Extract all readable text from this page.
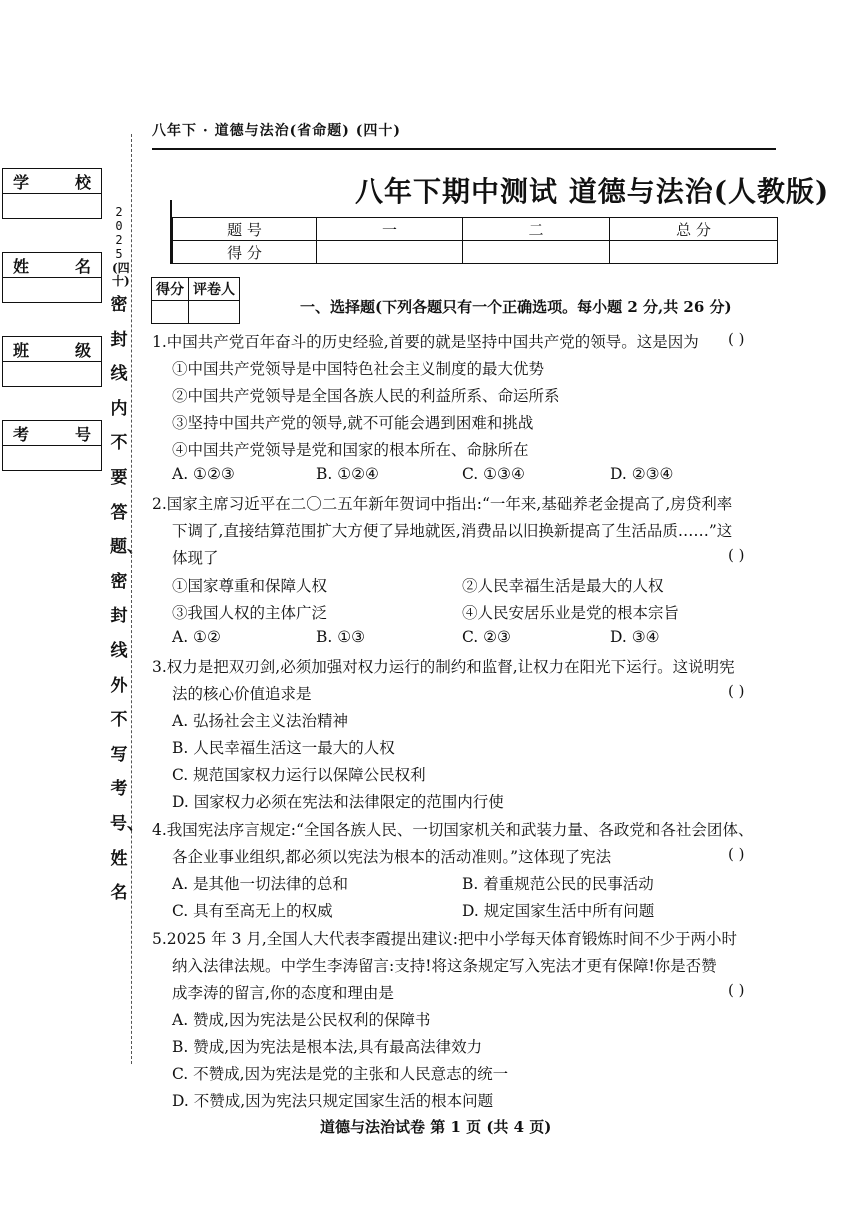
八年下 · 道德与法治(省命题) (四十)
学	校
姓	名
班	级
考	号
2025
(四十)
密封线内不要答题、密封线外不写考号、姓名
八年下期中测试 道德与法治(人教版)
题 号	一	二	总 分
得 分			
得分	评卷人

一、选择题(下列各题只有一个正确选项。每小题 2 分,共 26 分)
1.中国共产党百年奋斗的历史经验,首要的就是坚持中国共产党的领导。这是因为 ( )
①中国共产党领导是中国特色社会主义制度的最大优势
②中国共产党领导是全国各族人民的利益所系、命运所系
③坚持中国共产党的领导,就不可能会遇到困难和挑战
④中国共产党领导是党和国家的根本所在、命脉所在
A. ①②③	B. ①②④	C. ①③④	D. ②③④
2.国家主席习近平在二〇二五年新年贺词中指出:“一年来,基础养老金提高了,房贷利率
下调了,直接结算范围扩大方便了异地就医,消费品以旧换新提高了生活品质……”这
体现了	( )
①国家尊重和保障人权	②人民幸福生活是最大的人权
③我国人权的主体广泛	④人民安居乐业是党的根本宗旨
A. ①②	B. ①③	C. ②③	D. ③④
3.权力是把双刃剑,必须加强对权力运行的制约和监督,让权力在阳光下运行。这说明宪
法的核心价值追求是	( )
A. 弘扬社会主义法治精神
B. 人民幸福生活这一最大的人权
C. 规范国家权力运行以保障公民权利
D. 国家权力必须在宪法和法律限定的范围内行使
4.我国宪法序言规定:“全国各族人民、一切国家机关和武装力量、各政党和各社会团体、
各企业事业组织,都必须以宪法为根本的活动准则。”这体现了宪法	( )
A. 是其他一切法律的总和	B. 着重规范公民的民事活动
C. 具有至高无上的权威	D. 规定国家生活中所有问题
5.2025 年 3 月,全国人大代表李霞提出建议:把中小学每天体育锻炼时间不少于两小时
纳入法律法规。中学生李涛留言:支持!将这条规定写入宪法才更有保障!你是否赞
成李涛的留言,你的态度和理由是	( )
A. 赞成,因为宪法是公民权利的保障书
B. 赞成,因为宪法是根本法,具有最高法律效力
C. 不赞成,因为宪法是党的主张和人民意志的统一
D. 不赞成,因为宪法只规定国家生活的根本问题
道德与法治试卷 第 1 页 (共 4 页)
